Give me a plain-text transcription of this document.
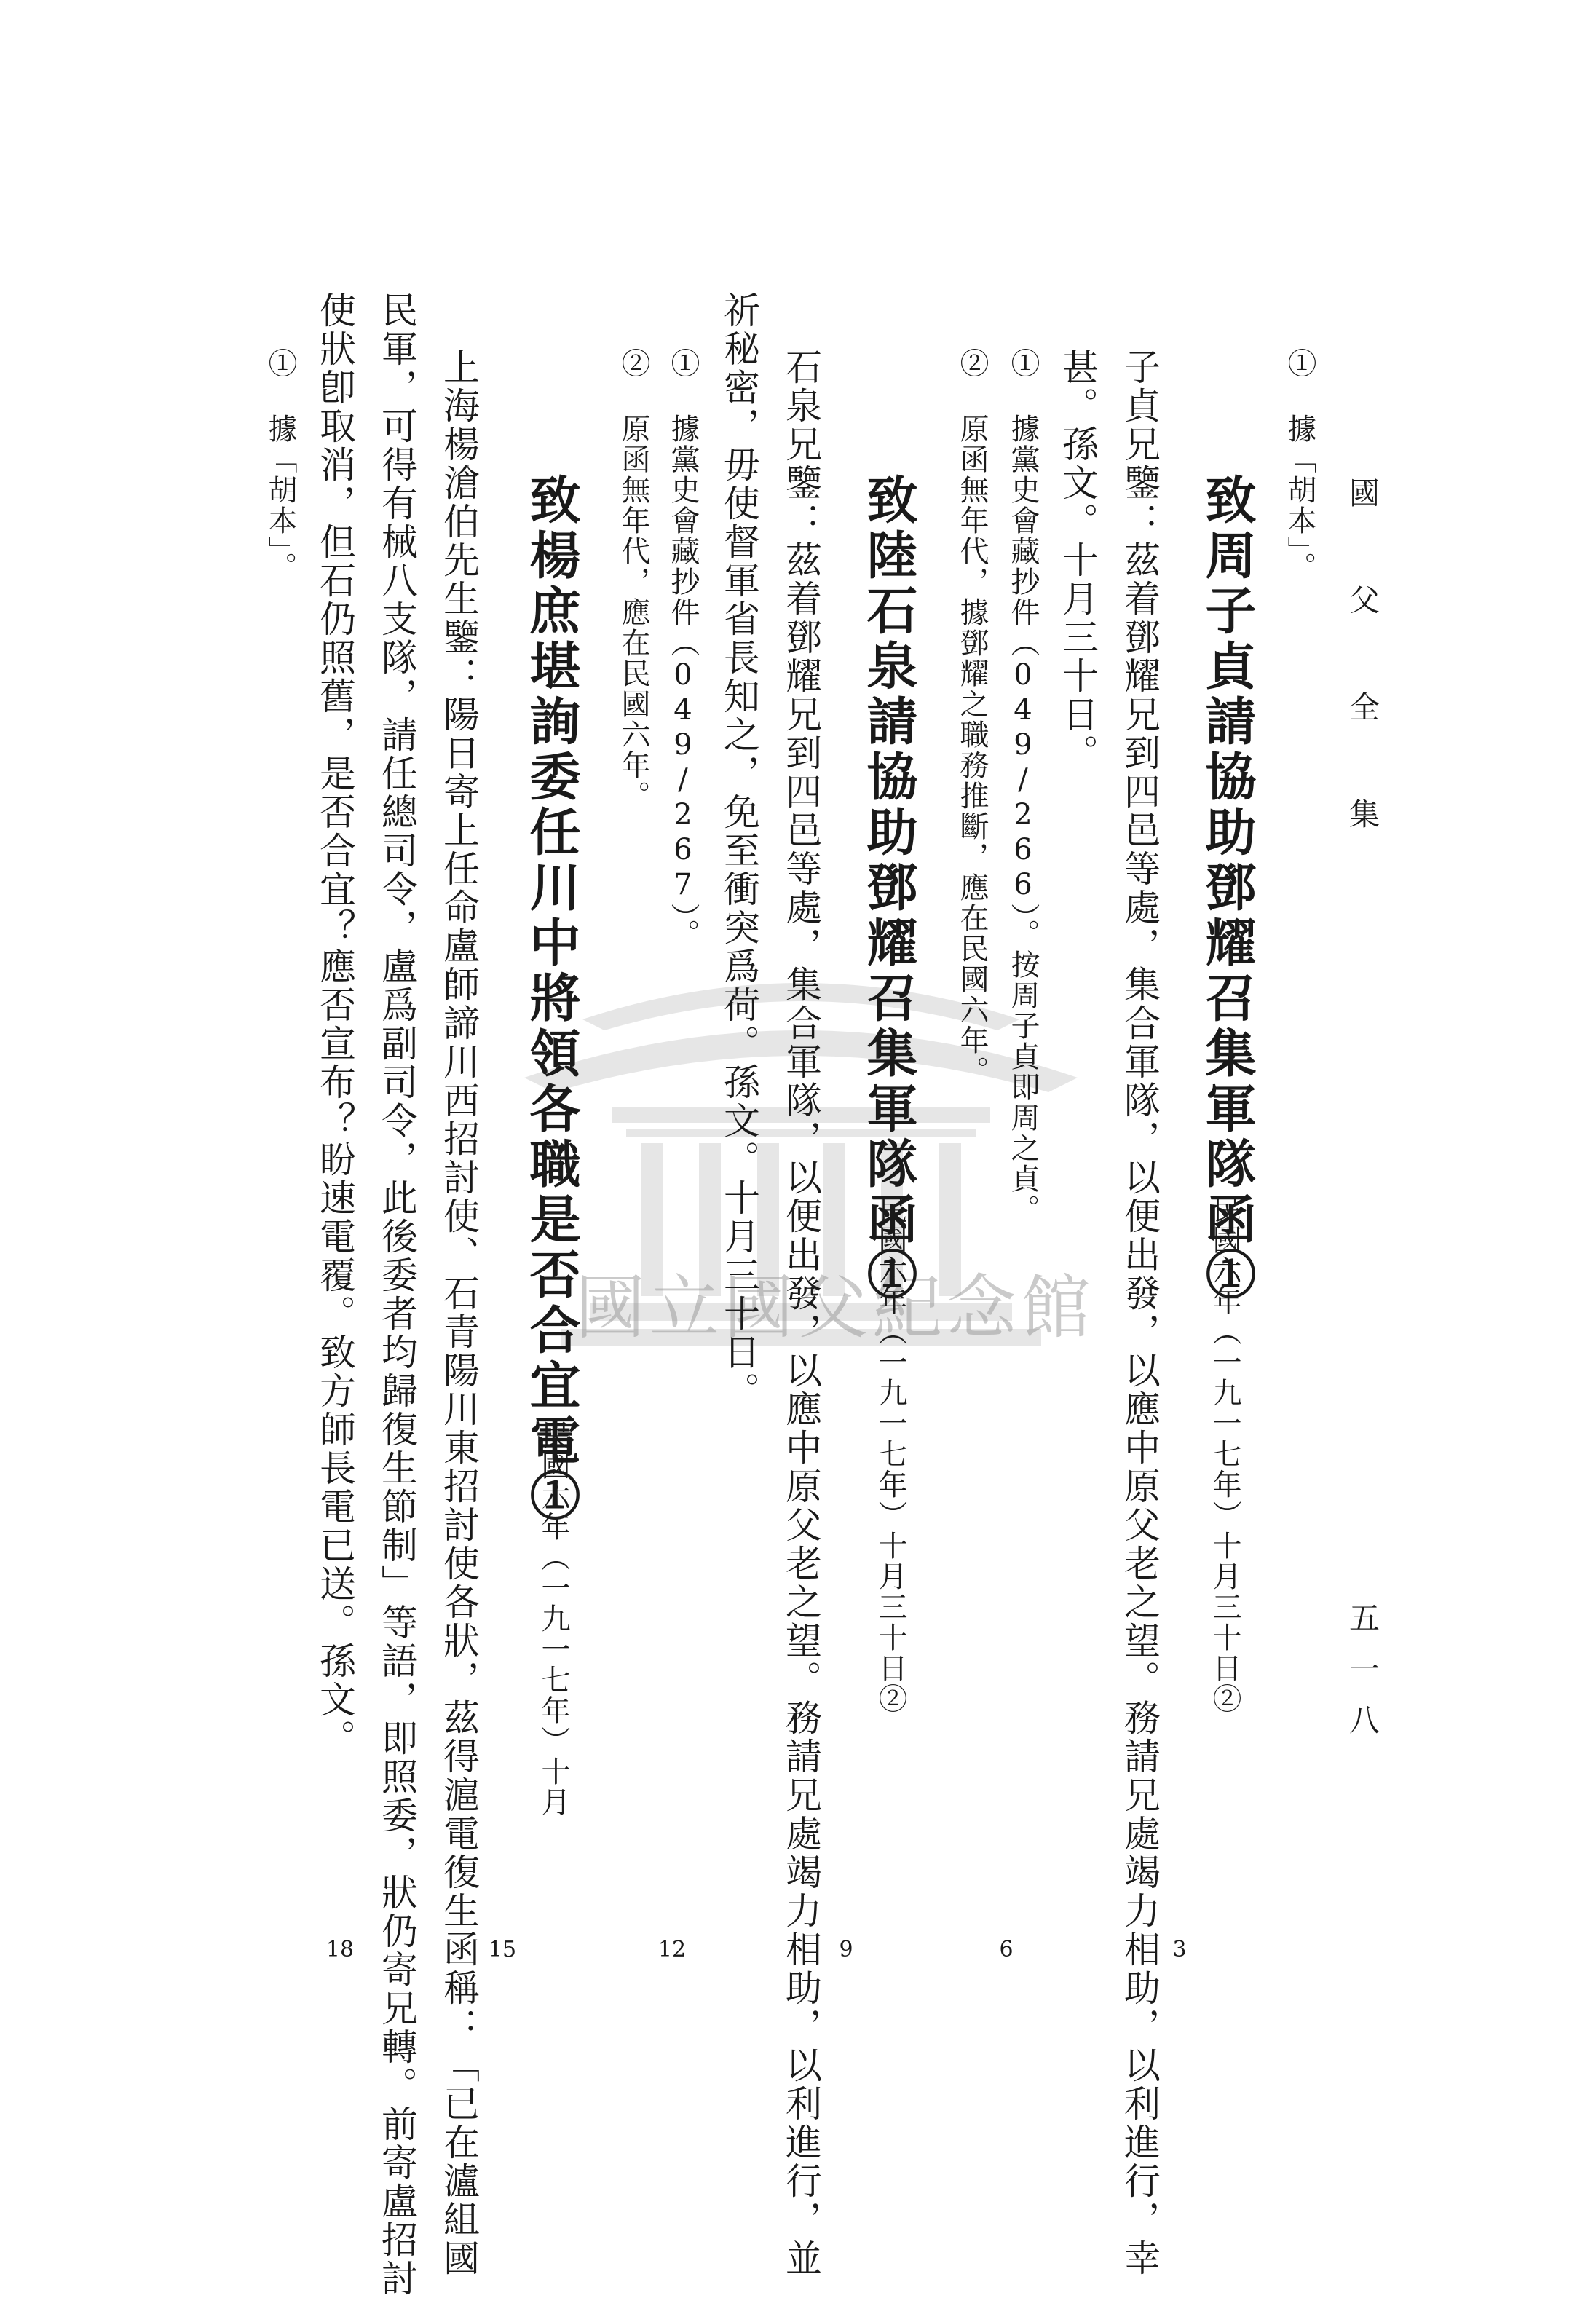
國立國父紀念館
國 父 全 集
五一八
① 據「胡本」。
致周子貞請協助鄧耀召集軍隊函①
民國六年（一九一七年）十月三十日②
子貞兄鑒：茲着鄧耀兄到四邑等處，集合軍隊，以便出發，以應中原父老之望。務請兄處竭力相助，以利進行，幸
甚。孫文。十月三十日。
① 據黨史會藏抄件（049/266）。按周子貞即周之貞。
② 原函無年代，據鄧耀之職務推斷，應在民國六年。
致陸石泉請協助鄧耀召集軍隊函①
民國六年（一九一七年）十月三十日②
石泉兄鑒：茲着鄧耀兄到四邑等處，集合軍隊，以便出發，以應中原父老之望。務請兄處竭力相助，以利進行，並
祈秘密，毋使督軍省長知之，免至衝突爲荷。孫文。十月三十日。
① 據黨史會藏抄件（049/267）。
② 原函無年代，應在民國六年。
致楊庶堪詢委任川中將領各職是否合宜電①
民國六年（一九一七年）十月
上海楊滄伯先生鑒：陽日寄上任命盧師諦川西招討使、石青陽川東招討使各狀，茲得滬電復生函稱：「已在瀘組國
民軍，可得有械八支隊，請任總司令，盧爲副司令，此後委者均歸復生節制」等語，即照委，狀仍寄兄轉。前寄盧招討
使狀卽取消，但石仍照舊，是否合宜？應否宣布？盼速電覆。致方師長電已送。孫文。
① 據「胡本」。
3
6
9
12
15
18
